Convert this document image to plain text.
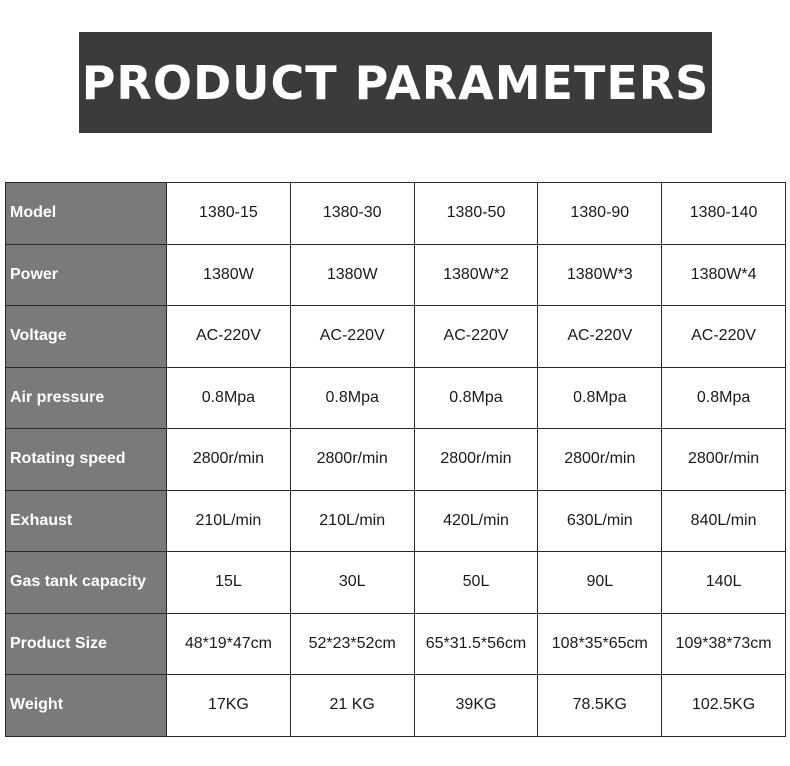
PRODUCT PARAMETERS
Model	1380-15	1380-30	1380-50	1380-90	1380-140
Power	1380W	1380W	1380W*2	1380W*3	1380W*4
Voltage	AC-220V	AC-220V	AC-220V	AC-220V	AC-220V
Air pressure	0.8Mpa	0.8Mpa	0.8Mpa	0.8Mpa	0.8Mpa
Rotating speed	2800r/min	2800r/min	2800r/min	2800r/min	2800r/min
Exhaust	210L/min	210L/min	420L/min	630L/min	840L/min
Gas tank capacity	15L	30L	50L	90L	140L
Product Size	48*19*47cm	52*23*52cm	65*31.5*56cm	108*35*65cm	109*38*73cm
Weight	17KG	21 KG	39KG	78.5KG	102.5KG
